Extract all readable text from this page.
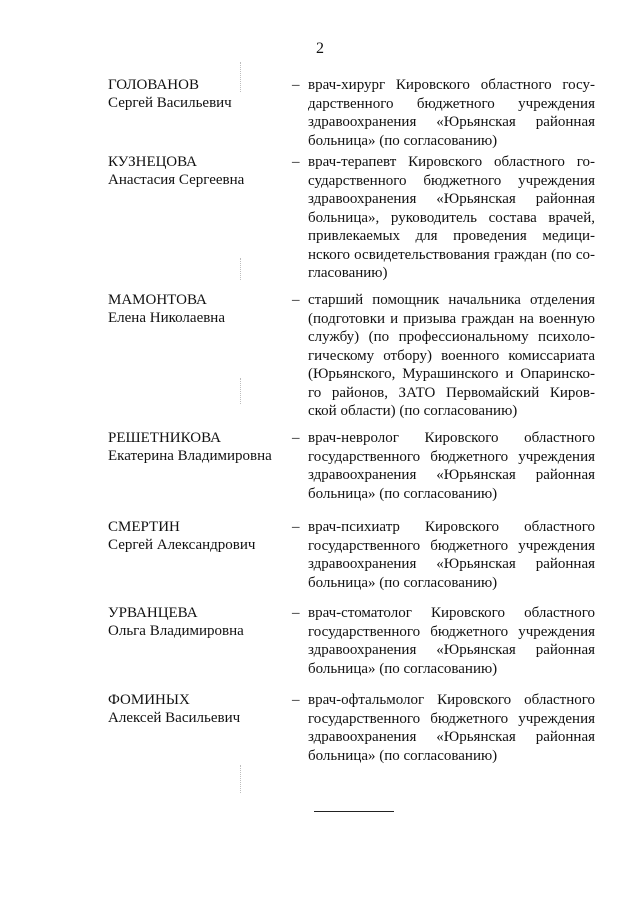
2
ГОЛОВАНОВ
Сергей Васильевич
– врач-хирург Кировского областного госу-
дарственного бюджетного учреждения
здравоохранения «Юрьянская районная
больница» (по согласованию)
КУЗНЕЦОВА
Анастасия Сергеевна
– врач-терапевт Кировского областного го-
сударственного бюджетного учреждения
здравоохранения «Юрьянская районная
больница», руководитель состава врачей,
привлекаемых для проведения медици-
нского освидетельствования граждан (по со-
гласованию)
МАМОНТОВА
Елена Николаевна
– старший помощник начальника отделения
(подготовки и призыва граждан на военную
службу) (по профессиональному психоло-
гическому отбору) военного комиссариата
(Юрьянского, Мурашинского и Опаринско-
го районов, ЗАТО Первомайский Киров-
ской области) (по согласованию)
РЕШЕТНИКОВА
Екатерина Владимировна
– врач-невролог Кировского областного
государственного бюджетного учреждения
здравоохранения «Юрьянская районная
больница» (по согласованию)
СМЕРТИН
Сергей Александрович
– врач-психиатр Кировского областного
государственного бюджетного учреждения
здравоохранения «Юрьянская районная
больница» (по согласованию)
УРВАНЦЕВА
Ольга Владимировна
– врач-стоматолог Кировского областного
государственного бюджетного учреждения
здравоохранения «Юрьянская районная
больница» (по согласованию)
ФОМИНЫХ
Алексей Васильевич
– врач-офтальмолог Кировского областного
государственного бюджетного учреждения
здравоохранения «Юрьянская районная
больница» (по согласованию)
